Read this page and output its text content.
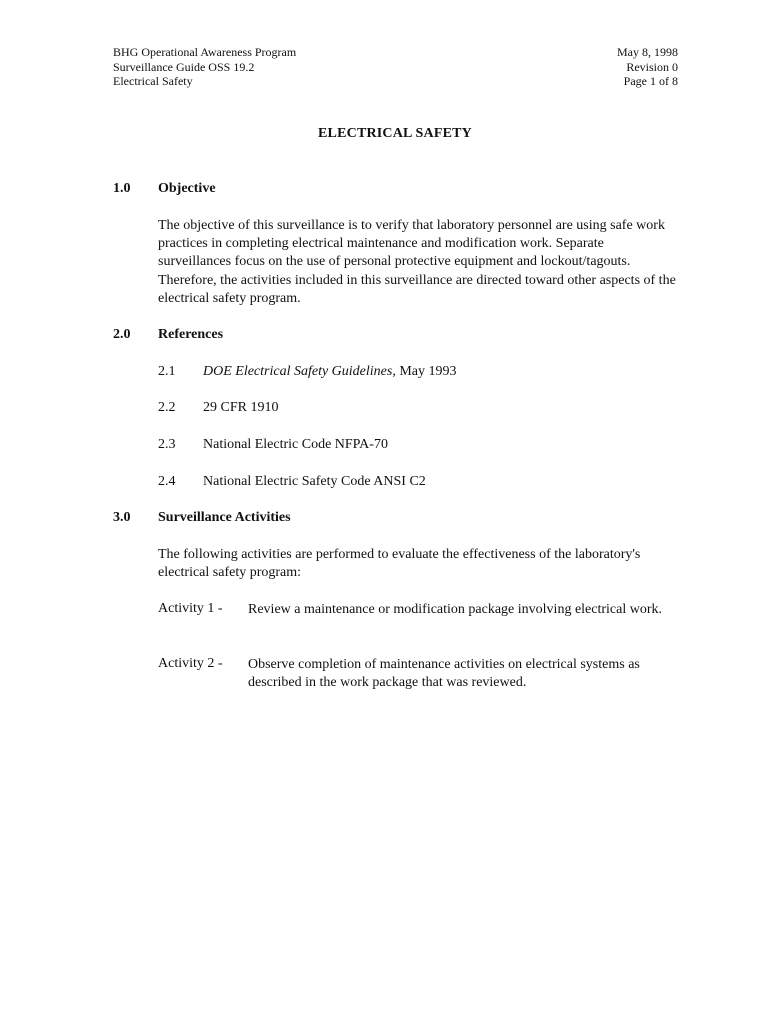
BHG Operational Awareness Program
Surveillance Guide OSS 19.2
Electrical Safety
May 8, 1998
Revision 0
Page 1 of 8
ELECTRICAL SAFETY
1.0 Objective
The objective of this surveillance is to verify that laboratory personnel are using safe work practices in completing electrical maintenance and modification work. Separate surveillances focus on the use of personal protective equipment and lockout/tagouts. Therefore, the activities included in this surveillance are directed toward other aspects of the electrical safety program.
2.0 References
2.1 DOE Electrical Safety Guidelines, May 1993
2.2 29 CFR 1910
2.3 National Electric Code NFPA-70
2.4 National Electric Safety Code ANSI C2
3.0 Surveillance Activities
The following activities are performed to evaluate the effectiveness of the laboratory's electrical safety program:
Activity 1 - Review a maintenance or modification package involving electrical work.
Activity 2 - Observe completion of maintenance activities on electrical systems as described in the work package that was reviewed.
